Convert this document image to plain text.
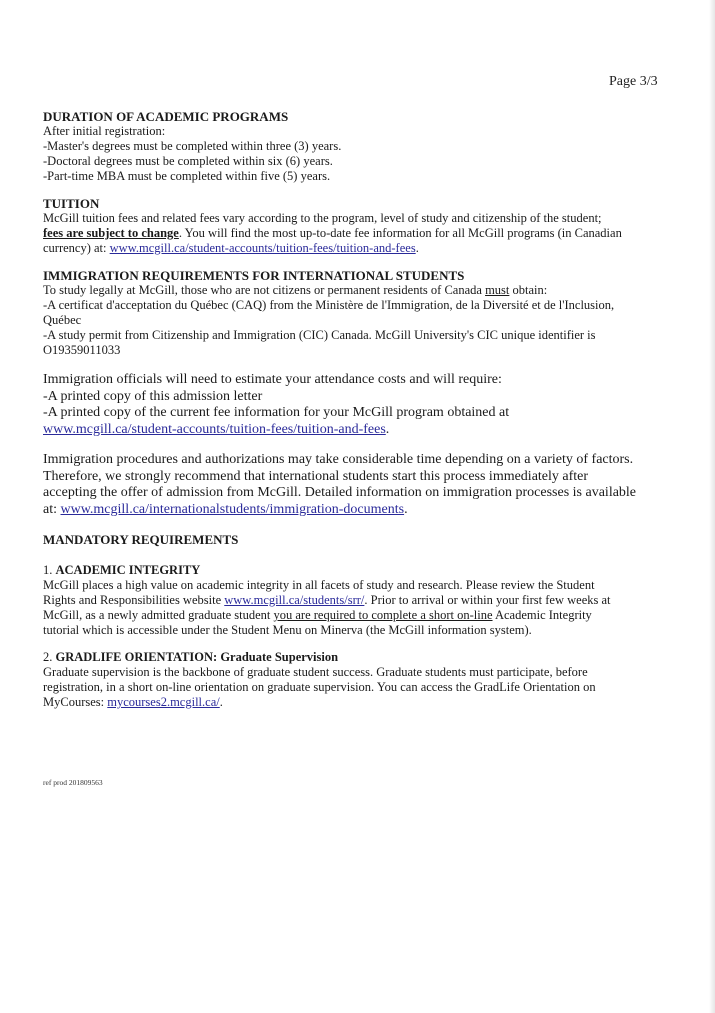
Page 3/3
DURATION OF ACADEMIC PROGRAMS
After initial registration:
-Master's degrees must be completed within three (3) years.
-Doctoral degrees must be completed within six (6) years.
-Part-time MBA must be completed within five (5) years.
TUITION
McGill tuition fees and related fees vary according to the program, level of study and citizenship of the student;
fees are subject to change. You will find the most up-to-date fee information for all McGill programs (in Canadian
currency) at: www.mcgill.ca/student-accounts/tuition-fees/tuition-and-fees.
IMMIGRATION REQUIREMENTS FOR INTERNATIONAL STUDENTS
To study legally at McGill, those who are not citizens or permanent residents of Canada must obtain:
-A certificat d'acceptation du Québec (CAQ) from the Ministère de l'Immigration, de la Diversité et de l'Inclusion,
Québec
-A study permit from Citizenship and Immigration (CIC) Canada. McGill University's CIC unique identifier is
O19359011033
Immigration officials will need to estimate your attendance costs and will require:
-A printed copy of this admission letter
-A printed copy of the current fee information for your McGill program obtained at
www.mcgill.ca/student-accounts/tuition-fees/tuition-and-fees.
Immigration procedures and authorizations may take considerable time depending on a variety of factors.
Therefore, we strongly recommend that international students start this process immediately after
accepting the offer of admission from McGill. Detailed information on immigration processes is available
at: www.mcgill.ca/internationalstudents/immigration-documents.
MANDATORY REQUIREMENTS
1. ACADEMIC INTEGRITY
McGill places a high value on academic integrity in all facets of study and research. Please review the Student
Rights and Responsibilities website www.mcgill.ca/students/srr/. Prior to arrival or within your first few weeks at
McGill, as a newly admitted graduate student you are required to complete a short on-line Academic Integrity
tutorial which is accessible under the Student Menu on Minerva (the McGill information system).
2. GRADLIFE ORIENTATION: Graduate Supervision
Graduate supervision is the backbone of graduate student success. Graduate students must participate, before
registration, in a short on-line orientation on graduate supervision. You can access the GradLife Orientation on
MyCourses: mycourses2.mcgill.ca/.
ref prod 201809563
